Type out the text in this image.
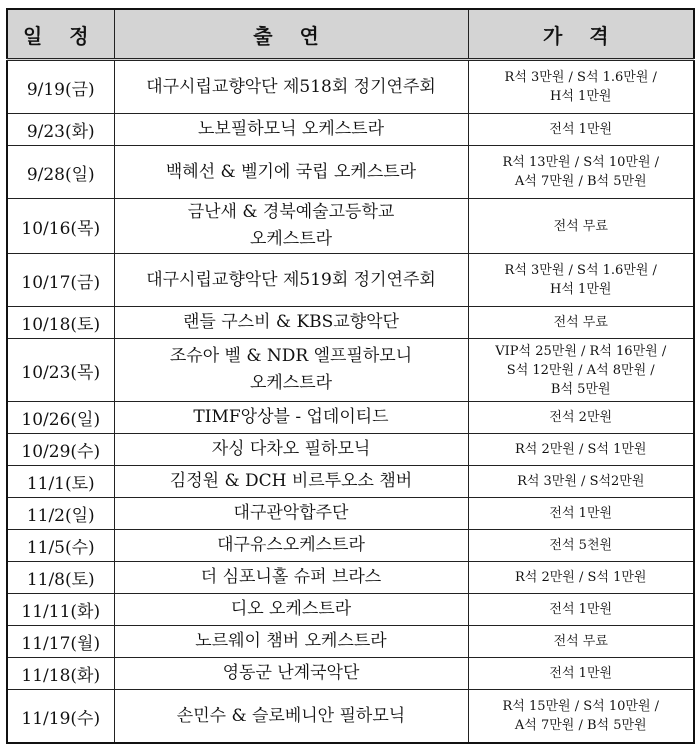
일 정	출 연	가 격
9/19(금)	대구시립교향악단 제518회 정기연주회	R석 3만원 / S석 1.6만원 /
H석 1만원

9/23(화)	노보필하모닉 오케스트라	전석 1만원

9/28(일)	백혜선 & 벨기에 국립 오케스트라	R석 13만원 / S석 10만원 /
A석 7만원 / B석 5만원

10/16(목)	금난새 & 경북예술고등학교
오케스트라	전석 무료

10/17(금)	대구시립교향악단 제519회 정기연주회	R석 3만원 / S석 1.6만원 /
H석 1만원

10/18(토)	랜들 구스비 & KBS교향악단	전석 무료

10/23(목)	조슈아 벨 & NDR 엘프필하모니
오케스트라	VIP석 25만원 / R석 16만원 /
S석 12만원 / A석 8만원 /
B석 5만원

10/26(일)	TIMF앙상블 - 업데이티드	전석 2만원

10/29(수)	자싱 다차오 필하모닉	R석 2만원 / S석 1만원

11/1(토)	김정원 & DCH 비르투오소 챔버	R석 3만원 / S석2만원

11/2(일)	대구관악합주단	전석 1만원

11/5(수)	대구유스오케스트라	전석 5천원

11/8(토)	더 심포니홀 슈퍼 브라스	R석 2만원 / S석 1만원

11/11(화)	디오 오케스트라	전석 1만원

11/17(월)	노르웨이 챔버 오케스트라	전석 무료

11/18(화)	영동군 난계국악단	전석 1만원

11/19(수)	손민수 & 슬로베니안 필하모닉	R석 15만원 / S석 10만원 /
A석 7만원 / B석 5만원
